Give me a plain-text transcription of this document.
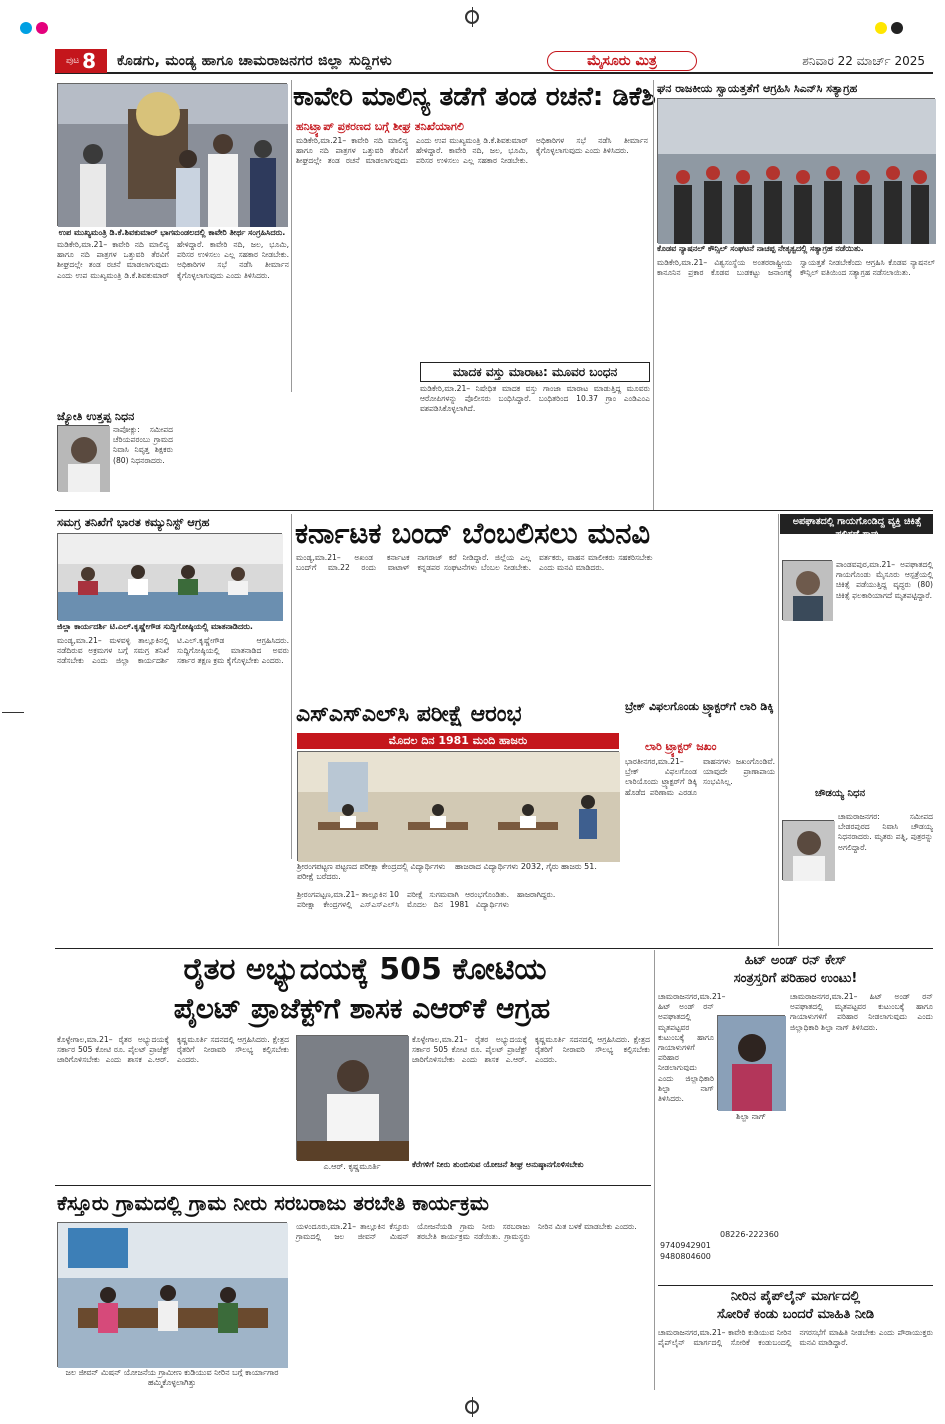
ಪುಟ 8 ಕೊಡಗು, ಮಂಡ್ಯ ಹಾಗೂ ಚಾಮರಾಜನಗರ ಜಿಲ್ಲಾ ಸುದ್ದಿಗಳು	ಮೈಸೂರು ಮಿತ್ರ	ಶನಿವಾರ 22 ಮಾರ್ಚ್ 2025
ಉಪ ಮುಖ್ಯಮಂತ್ರಿ ಡಿ.ಕೆ.ಶಿವಕುಮಾರ್ ಭಾಗಮಂಡಲದಲ್ಲಿ ಕಾವೇರಿ ತೀರ್ಥ ಸಂಗ್ರಹಿಸಿದರು.
ಕಾವೇರಿ ಮಾಲಿನ್ಯ ತಡೆಗೆ ತಂಡ ರಚನೆ: ಡಿಕೆಶಿ
ಹನಿಟ್ರ್ಯಾಪ್ ಪ್ರಕರಣದ ಬಗ್ಗೆ ಶೀಘ್ರ ತನಿಖೆಯಾಗಲಿ
ಮಡಿಕೇರಿ,ಮಾ.21– ಕಾವೇರಿ ನದಿ ಮಾಲಿನ್ಯ ಹಾಗೂ ನದಿ ಪಾತ್ರಗಳ ಒತ್ತುವರಿ ತೆರವಿಗೆ ಶೀಘ್ರದಲ್ಲೇ ತಂಡ ರಚನೆ ಮಾಡಲಾಗುವುದು ಎಂದು ಉಪ ಮುಖ್ಯಮಂತ್ರಿ ಡಿ.ಕೆ.ಶಿವಕುಮಾರ್ ಹೇಳಿದ್ದಾರೆ. ಕಾವೇರಿ ನದಿ, ಜಲ, ಭೂಮಿ, ಪರಿಸರ ಉಳಿಸಲು ಎಲ್ಲ ಸಹಕಾರ ನೀಡಬೇಕು. ಅಧಿಕಾರಿಗಳ ಸಭೆ ನಡೆಸಿ ತೀರ್ಮಾನ ಕೈಗೊಳ್ಳಲಾಗುವುದು ಎಂದು ತಿಳಿಸಿದರು.
ಮಡಿಕೇರಿ,ಮಾ.21– ಕಾವೇರಿ ನದಿ ಮಾಲಿನ್ಯ ಹಾಗೂ ನದಿ ಪಾತ್ರಗಳ ಒತ್ತುವರಿ ತೆರವಿಗೆ ಶೀಘ್ರದಲ್ಲೇ ತಂಡ ರಚನೆ ಮಾಡಲಾಗುವುದು ಎಂದು ಉಪ ಮುಖ್ಯಮಂತ್ರಿ ಡಿ.ಕೆ.ಶಿವಕುಮಾರ್ ಹೇಳಿದ್ದಾರೆ. ಕಾವೇರಿ ನದಿ, ಜಲ, ಭೂಮಿ, ಪರಿಸರ ಉಳಿಸಲು ಎಲ್ಲ ಸಹಕಾರ ನೀಡಬೇಕು. ಅಧಿಕಾರಿಗಳ ಸಭೆ ನಡೆಸಿ ತೀರ್ಮಾನ ಕೈಗೊಳ್ಳಲಾಗುವುದು ಎಂದು ತಿಳಿಸಿದರು.
ಜ್ಯೋತಿ ಉತ್ತಪ್ಪ ನಿಧನ
ನಾಪೋಕ್ಲು: ಸಮೀಪದ ಚೆರಿಯಪರಂಬು ಗ್ರಾಮದ ನಿವಾಸಿ ನಿವೃತ್ತ ಶಿಕ್ಷಕರು (80) ನಿಧನರಾದರು.
ಮಾದಕ ವಸ್ತು ಮಾರಾಟ: ಮೂವರ ಬಂಧನ
ಮಡಿಕೇರಿ,ಮಾ.21– ನಿಷೇಧಿತ ಮಾದಕ ವಸ್ತು ಗಾಂಜಾ ಮಾರಾಟ ಮಾಡುತ್ತಿದ್ದ ಮೂವರು ಆರೋಪಿಗಳನ್ನು ಪೊಲೀಸರು ಬಂಧಿಸಿದ್ದಾರೆ. ಬಂಧಿತರಿಂದ 10.37 ಗ್ರಾಂ ಎಂಡಿಎಂಎ ವಶಪಡಿಸಿಕೊಳ್ಳಲಾಗಿದೆ.
ಘನ ರಾಜಕೀಯ ಸ್ವಾಯತ್ತತೆಗೆ ಆಗ್ರಹಿಸಿ ಸಿಎನ್‌ಸಿ ಸತ್ಯಾಗ್ರಹ
ಕೊಡವ ನ್ಯಾಷನಲ್ ಕೌನ್ಸಿಲ್ ಸಂಘಟನೆ ನಾಚಪ್ಪ ನೇತೃತ್ವದಲ್ಲಿ ಸತ್ಯಾಗ್ರಹ ನಡೆಯಿತು.
ಮಡಿಕೇರಿ,ಮಾ.21– ವಿಶ್ವಸಂಸ್ಥೆಯ ಅಂತರರಾಷ್ಟ್ರೀಯ ಕಾನೂನಿನ ಪ್ರಕಾರ ಕೊಡವ ಬುಡಕಟ್ಟು ಜನಾಂಗಕ್ಕೆ ಸ್ವಾಯತ್ತತೆ ನೀಡಬೇಕೆಂದು ಆಗ್ರಹಿಸಿ ಕೊಡವ ನ್ಯಾಷನಲ್ ಕೌನ್ಸಿಲ್ ವತಿಯಿಂದ ಸತ್ಯಾಗ್ರಹ ನಡೆಸಲಾಯಿತು.
ಸಮಗ್ರ ತನಿಖೆಗೆ ಭಾರತ ಕಮ್ಯುನಿಸ್ಟ್ ಆಗ್ರಹ
ಜಿಲ್ಲಾ ಕಾರ್ಯದರ್ಶಿ ಟಿ.ಎಲ್.ಕೃಷ್ಣೇಗೌಡ ಸುದ್ದಿಗೋಷ್ಠಿಯಲ್ಲಿ ಮಾತನಾಡಿದರು.
ಮಂಡ್ಯ,ಮಾ.21– ಮಳವಳ್ಳಿ ತಾಲ್ಲೂಕಿನಲ್ಲಿ ನಡೆದಿರುವ ಅಕ್ರಮಗಳ ಬಗ್ಗೆ ಸಮಗ್ರ ತನಿಖೆ ನಡೆಸಬೇಕು ಎಂದು ಜಿಲ್ಲಾ ಕಾರ್ಯದರ್ಶಿ ಟಿ.ಎಲ್.ಕೃಷ್ಣೇಗೌಡ ಆಗ್ರಹಿಸಿದರು. ಸುದ್ದಿಗೋಷ್ಠಿಯಲ್ಲಿ ಮಾತನಾಡಿದ ಅವರು ಸರ್ಕಾರ ತಕ್ಷಣ ಕ್ರಮ ಕೈಗೊಳ್ಳಬೇಕು ಎಂದರು.
ಕರ್ನಾಟಕ ಬಂದ್ ಬೆಂಬಲಿಸಲು ಮನವಿ
ಮಂಡ್ಯ,ಮಾ.21– ಅಖಂಡ ಕರ್ನಾಟಕ ಬಂದ್‌ಗೆ ಮಾ.22 ರಂದು ವಾಟಾಳ್ ನಾಗರಾಜ್ ಕರೆ ನೀಡಿದ್ದಾರೆ. ಜಿಲ್ಲೆಯ ಎಲ್ಲ ಕನ್ನಡಪರ ಸಂಘಟನೆಗಳು ಬೆಂಬಲ ನೀಡಬೇಕು. ವರ್ತಕರು, ವಾಹನ ಮಾಲೀಕರು ಸಹಕರಿಸಬೇಕು ಎಂದು ಮನವಿ ಮಾಡಿದರು.
ಎಸ್‌ಎಸ್‌ಎಲ್‌ಸಿ ಪರೀಕ್ಷೆ ಆರಂಭ
ಮೊದಲ ದಿನ 1981 ಮಂದಿ ಹಾಜರು
ಶ್ರೀರಂಗಪಟ್ಟಣ ಪಟ್ಟಣದ ಪರೀಕ್ಷಾ ಕೇಂದ್ರದಲ್ಲಿ ವಿದ್ಯಾರ್ಥಿಗಳು ಪರೀಕ್ಷೆ ಬರೆದರು.
ಹಾಜರಾದ ವಿದ್ಯಾರ್ಥಿಗಳು 2032, ಗೈರು ಹಾಜರು 51.
ಶ್ರೀರಂಗಪಟ್ಟಣ,ಮಾ.21– ತಾಲ್ಲೂಕಿನ 10 ಪರೀಕ್ಷಾ ಕೇಂದ್ರಗಳಲ್ಲಿ ಎಸ್‌ಎಸ್‌ಎಲ್‌ಸಿ ಪರೀಕ್ಷೆ ಸುಗಮವಾಗಿ ಆರಂಭಗೊಂಡಿತು. ಮೊದಲ ದಿನ 1981 ವಿದ್ಯಾರ್ಥಿಗಳು ಹಾಜರಾಗಿದ್ದರು.
ಬ್ರೇಕ್ ವಿಫಲಗೊಂಡು ಟ್ರ್ಯಾಕ್ಟರ್‌ಗೆ ಲಾರಿ ಡಿಕ್ಕಿ
ಲಾರಿ ಟ್ರ್ಯಾಕ್ಟರ್ ಜಖಂ
ಭಾರತೀನಗರ,ಮಾ.21– ಬ್ರೇಕ್ ವಿಫಲಗೊಂಡ ಲಾರಿಯೊಂದು ಟ್ರ್ಯಾಕ್ಟರ್‌ಗೆ ಡಿಕ್ಕಿ ಹೊಡೆದ ಪರಿಣಾಮ ಎರಡೂ ವಾಹನಗಳು ಜಖಂಗೊಂಡಿವೆ. ಯಾವುದೇ ಪ್ರಾಣಾಪಾಯ ಸಂಭವಿಸಿಲ್ಲ.
ಅಪಘಾತದಲ್ಲಿ ಗಾಯಗೊಂಡಿದ್ದ ವ್ಯಕ್ತಿ ಚಿಕಿತ್ಸೆ ಫಲಿಸದೆ ಸಾವು
ಪಾಂಡವಪುರ,ಮಾ.21– ಅಪಘಾತದಲ್ಲಿ ಗಾಯಗೊಂಡು ಮೈಸೂರು ಆಸ್ಪತ್ರೆಯಲ್ಲಿ ಚಿಕಿತ್ಸೆ ಪಡೆಯುತ್ತಿದ್ದ ವೃದ್ಧರು (80) ಚಿಕಿತ್ಸೆ ಫಲಕಾರಿಯಾಗದೆ ಮೃತಪಟ್ಟಿದ್ದಾರೆ.
ಚೌಡಯ್ಯ ನಿಧನ
ಚಾಮರಾಜನಗರ: ಸಮೀಪದ ಬೇಡರಪುರದ ನಿವಾಸಿ ಚೌಡಯ್ಯ ನಿಧನರಾದರು. ಮೃತರು ಪತ್ನಿ, ಪುತ್ರರನ್ನು ಅಗಲಿದ್ದಾರೆ.
ರೈತರ ಅಭ್ಯುದಯಕ್ಕೆ 505 ಕೋಟಿಯ
ಪೈಲಟ್ ಪ್ರಾಜೆಕ್ಟ್‌ಗೆ ಶಾಸಕ ಎಆರ್‌ಕೆ ಆಗ್ರಹ
ಕೊಳ್ಳೇಗಾಲ,ಮಾ.21– ರೈತರ ಅಭ್ಯುದಯಕ್ಕೆ ಸರ್ಕಾರ 505 ಕೋಟಿ ರೂ. ಪೈಲಟ್ ಪ್ರಾಜೆಕ್ಟ್ ಜಾರಿಗೊಳಿಸಬೇಕು ಎಂದು ಶಾಸಕ ಎ.ಆರ್. ಕೃಷ್ಣಮೂರ್ತಿ ಸದನದಲ್ಲಿ ಆಗ್ರಹಿಸಿದರು. ಕ್ಷೇತ್ರದ ರೈತರಿಗೆ ನೀರಾವರಿ ಸೌಲಭ್ಯ ಕಲ್ಪಿಸಬೇಕು ಎಂದರು.
ಎ.ಆರ್. ಕೃಷ್ಣಮೂರ್ತಿ
ಕೊಳ್ಳೇಗಾಲ,ಮಾ.21– ರೈತರ ಅಭ್ಯುದಯಕ್ಕೆ ಸರ್ಕಾರ 505 ಕೋಟಿ ರೂ. ಪೈಲಟ್ ಪ್ರಾಜೆಕ್ಟ್ ಜಾರಿಗೊಳಿಸಬೇಕು ಎಂದು ಶಾಸಕ ಎ.ಆರ್. ಕೃಷ್ಣಮೂರ್ತಿ ಸದನದಲ್ಲಿ ಆಗ್ರಹಿಸಿದರು. ಕ್ಷೇತ್ರದ ರೈತರಿಗೆ ನೀರಾವರಿ ಸೌಲಭ್ಯ ಕಲ್ಪಿಸಬೇಕು ಎಂದರು.
ಕೆರೆಗಳಿಗೆ ನೀರು ತುಂಬಿಸುವ ಯೋಜನೆ ಶೀಘ್ರ ಅನುಷ್ಠಾನಗೊಳಿಸಬೇಕು
ಹಿಟ್ ಅಂಡ್ ರನ್ ಕೇಸ್
ಸಂತ್ರಸ್ತರಿಗೆ ಪರಿಹಾರ ಉಂಟು!
ಶಿಲ್ಪಾ ನಾಗ್
ಚಾಮರಾಜನಗರ,ಮಾ.21– ಹಿಟ್ ಅಂಡ್ ರನ್ ಅಪಘಾತದಲ್ಲಿ ಮೃತಪಟ್ಟವರ ಕುಟುಂಬಕ್ಕೆ ಹಾಗೂ ಗಾಯಾಳುಗಳಿಗೆ ಪರಿಹಾರ ನೀಡಲಾಗುವುದು ಎಂದು ಜಿಲ್ಲಾಧಿಕಾರಿ ಶಿಲ್ಪಾ ನಾಗ್ ತಿಳಿಸಿದರು.
ಚಾಮರಾಜನಗರ,ಮಾ.21– ಹಿಟ್ ಅಂಡ್ ರನ್ ಅಪಘಾತದಲ್ಲಿ ಮೃತಪಟ್ಟವರ ಕುಟುಂಬಕ್ಕೆ ಹಾಗೂ ಗಾಯಾಳುಗಳಿಗೆ ಪರಿಹಾರ ನೀಡಲಾಗುವುದು ಎಂದು ಜಿಲ್ಲಾಧಿಕಾರಿ ಶಿಲ್ಪಾ ನಾಗ್ ತಿಳಿಸಿದರು.
08226-222360
9740942901
9480804600
ಕೆಸ್ತೂರು ಗ್ರಾಮದಲ್ಲಿ ಗ್ರಾಮ ನೀರು ಸರಬರಾಜು ತರಬೇತಿ ಕಾರ್ಯಕ್ರಮ
ಜಲ ಜೀವನ್ ಮಿಷನ್ ಯೋಜನೆಯ ಗ್ರಾಮೀಣ ಕುಡಿಯುವ ನೀರಿನ ಬಗ್ಗೆ ಕಾರ್ಯಾಗಾರ ಹಮ್ಮಿಕೊಳ್ಳಲಾಗಿತ್ತು
ಯಳಂದೂರು,ಮಾ.21– ತಾಲ್ಲೂಕಿನ ಕೆಸ್ತೂರು ಗ್ರಾಮದಲ್ಲಿ ಜಲ ಜೀವನ್ ಮಿಷನ್ ಯೋಜನೆಯಡಿ ಗ್ರಾಮ ನೀರು ಸರಬರಾಜು ತರಬೇತಿ ಕಾರ್ಯಕ್ರಮ ನಡೆಯಿತು. ಗ್ರಾಮಸ್ಥರು ನೀರಿನ ಮಿತ ಬಳಕೆ ಮಾಡಬೇಕು ಎಂದರು.
ನೀರಿನ ಪೈಪ್‌ಲೈನ್ ಮಾರ್ಗದಲ್ಲಿ
ಸೋರಿಕೆ ಕಂಡು ಬಂದರೆ ಮಾಹಿತಿ ನೀಡಿ
ಚಾಮರಾಜನಗರ,ಮಾ.21– ಕಾವೇರಿ ಕುಡಿಯುವ ನೀರಿನ ಪೈಪ್‌ಲೈನ್ ಮಾರ್ಗದಲ್ಲಿ ಸೋರಿಕೆ ಕಂಡುಬಂದಲ್ಲಿ ನಗರಸಭೆಗೆ ಮಾಹಿತಿ ನೀಡಬೇಕು ಎಂದು ಪೌರಾಯುಕ್ತರು ಮನವಿ ಮಾಡಿದ್ದಾರೆ.
